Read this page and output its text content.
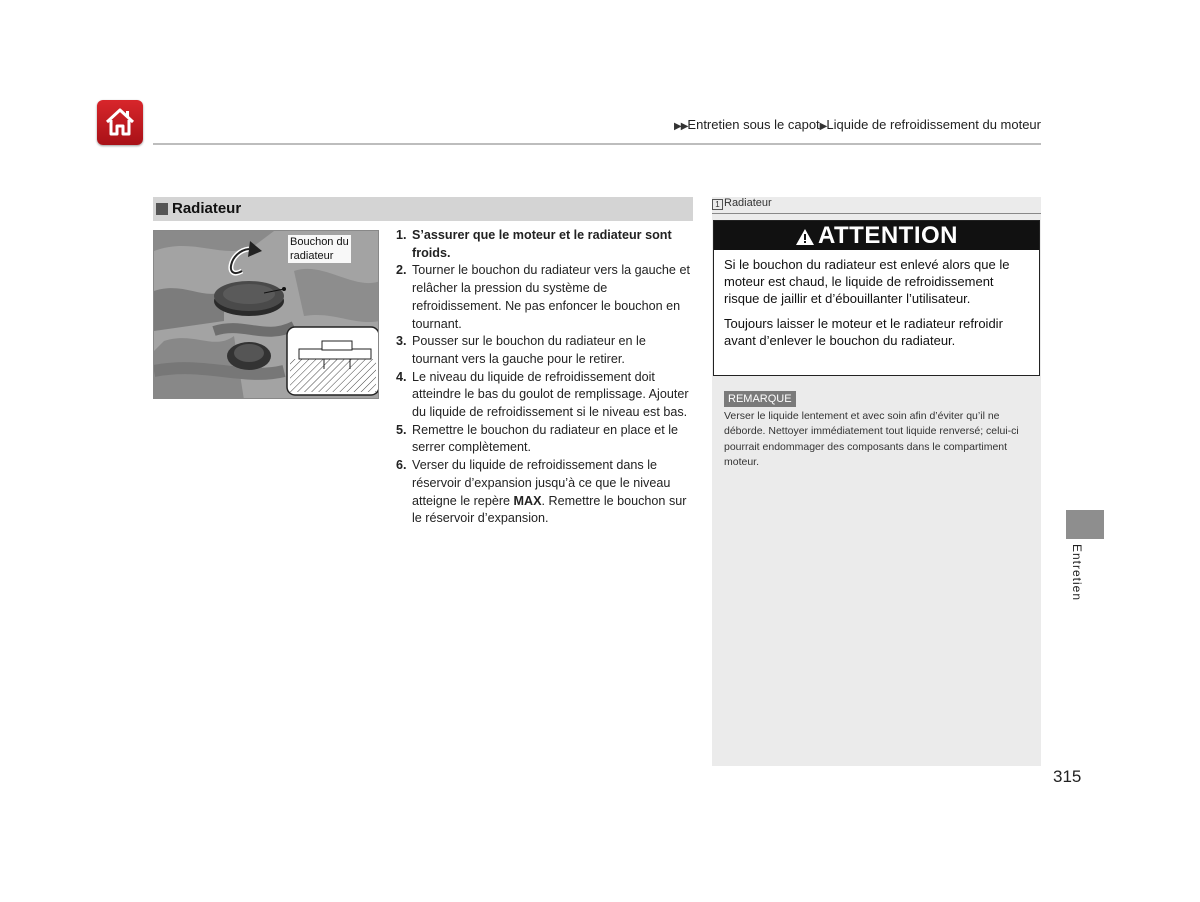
▶▶Entretien sous le capot▶Liquide de refroidissement du moteur
Radiateur
Bouchon du
radiateur
1. S’assurer que le moteur et le radiateur sont froids.
2. Tourner le bouchon du radiateur vers la gauche et relâcher la pression du système de refroidissement. Ne pas enfoncer le bouchon en tournant.
3. Pousser sur le bouchon du radiateur en le tournant vers la gauche pour le retirer.
4. Le niveau du liquide de refroidissement doit atteindre le bas du goulot de remplissage. Ajouter du liquide de refroidissement si le niveau est bas.
5. Remettre le bouchon du radiateur en place et le serrer complètement.
6. Verser du liquide de refroidissement dans le réservoir d’expansion jusqu’à ce que le niveau atteigne le repère MAX. Remettre le bouchon sur le réservoir d’expansion.
1 Radiateur
ATTENTION

Si le bouchon du radiateur est enlevé alors que le moteur est chaud, le liquide de refroidissement risque de jaillir et d’ébouillanter l’utilisateur.

Toujours laisser le moteur et le radiateur refroidir avant d’enlever le bouchon du radiateur.

REMARQUE
Verser le liquide lentement et avec soin afin d’éviter qu’il ne déborde. Nettoyer immédiatement tout liquide renversé; celui-ci pourrait endommager des composants dans le compartiment moteur.
Entretien
315
